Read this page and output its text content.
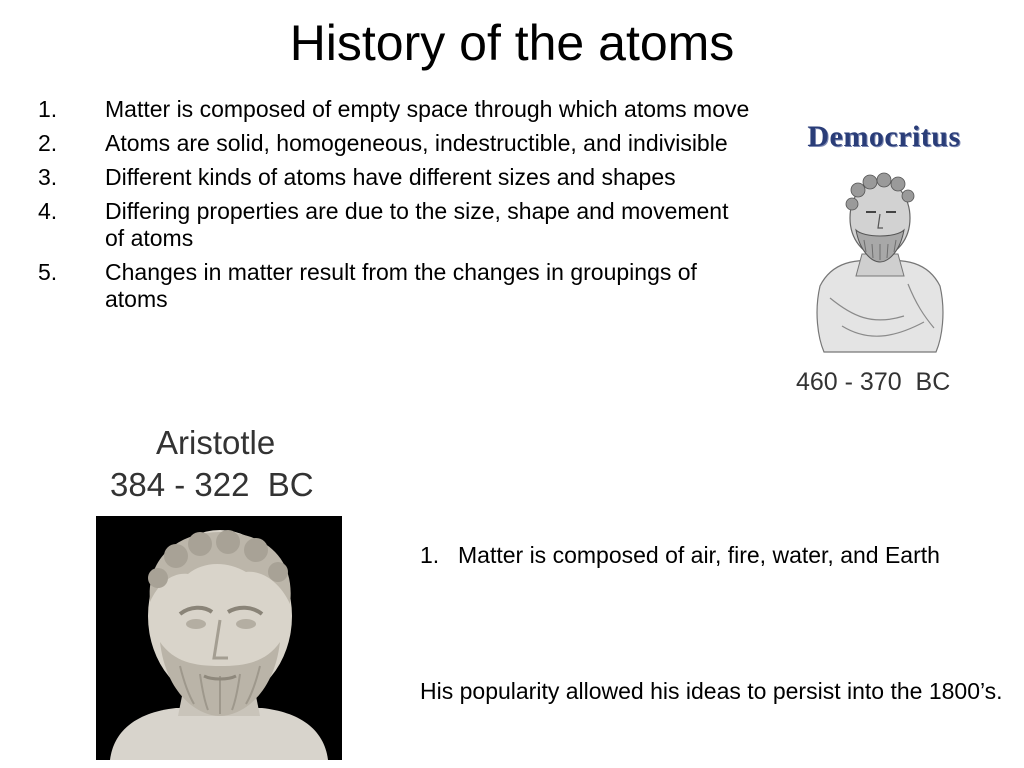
History of the atoms
1. Matter is composed of empty space through which atoms move
2. Atoms are solid, homogeneous, indestructible, and indivisible
3. Different kinds of atoms have different sizes and shapes
4. Differing properties are due to the size, shape and movement of atoms
5. Changes in matter result from the changes in groupings of atoms
Democritus
460 - 370  BC
Aristotle
384 - 322  BC
1. Matter is composed of air, fire, water, and Earth
His popularity allowed his ideas to persist into the 1800’s.
